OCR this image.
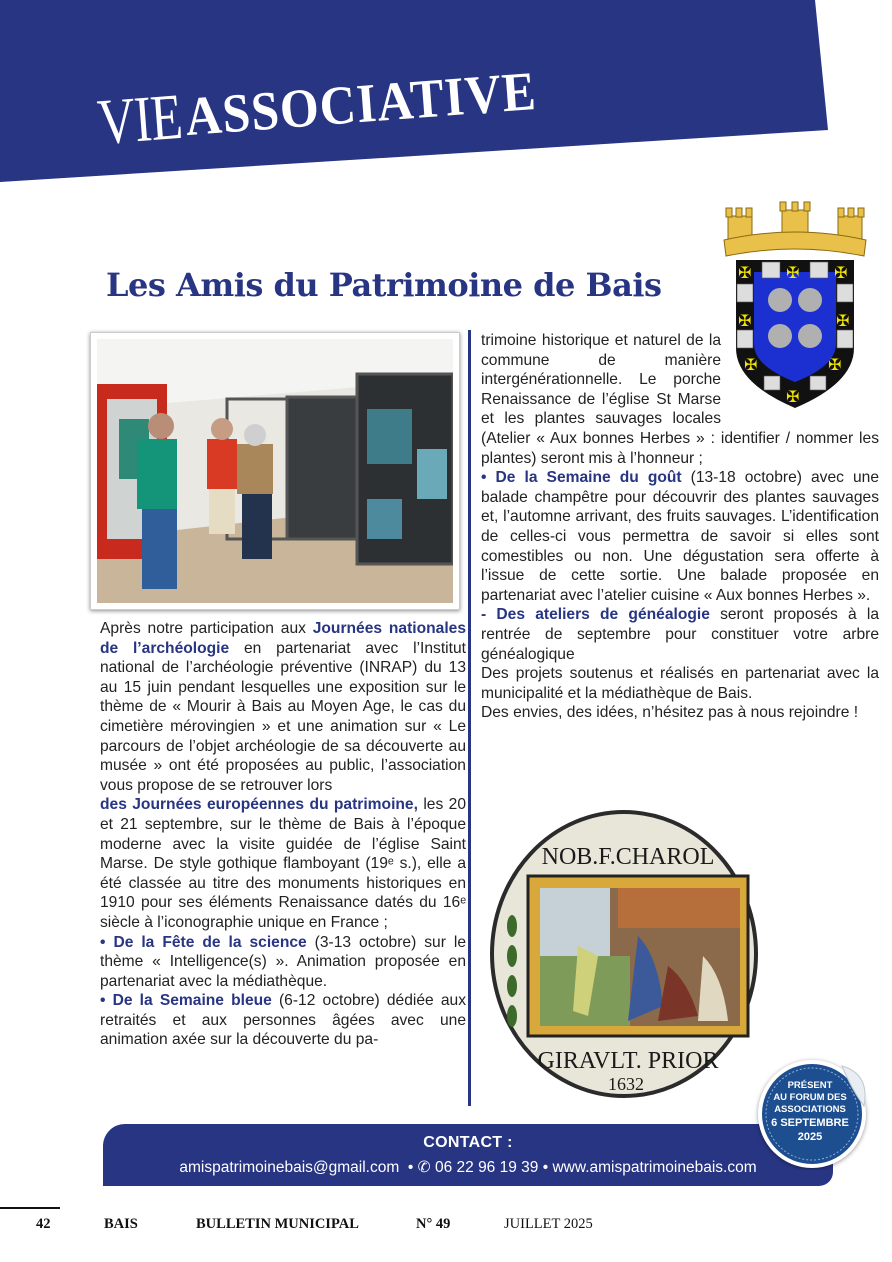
VIE ASSOCIATIVE
Les Amis du Patrimoine de Bais	✠ ✠ ✠
✠	✠
✠	✠
✠

Après notre participation aux Journées nationales de l’archéologie en partenariat avec l’Institut national de l’archéologie préventive (INRAP) du 13 au 15 juin pendant lesquelles une exposition sur le thème de « Mourir à Bais au Moyen Age, le cas du cimetière mérovingien » et une animation sur « Le parcours de l’objet archéologie de sa découverte au musée » ont été proposées au public, l’association vous propose de se retrouver lors

des Journées européennes du patrimoine, les 20 et 21 septembre, sur le thème de Bais à l’époque moderne avec la visite guidée de l’église Saint Marse. De style gothique flamboyant (19ᵉ s.), elle a été classée au titre des monuments historiques en 1910 pour ses éléments Renaissance datés du 16ᵉ siècle à l’iconographie unique en France ;

• De la Fête de la science (3-13 octobre) sur le thème « Intelligence(s) ». Animation proposée en partenariat avec la médiathèque.

• De la Semaine bleue (6-12 octobre) dédiée aux retraités et aux personnes âgées avec une animation axée sur la découverte du pa-

trimoine historique et naturel de la commune de manière intergénérationnelle. Le porche Renaissance de l’église St Marse et les plantes sauvages locales (Atelier « Aux bonnes Herbes » : identifier / nommer les plantes) seront mis à l’honneur ;

• De la Semaine du goût (13-18 octobre) avec une balade champêtre pour découvrir des plantes sauvages et, l’automne arrivant, des fruits sauvages. L’identification de celles-ci vous permettra de savoir si elles sont comestibles ou non. Une dégustation sera offerte à l’issue de cette sortie. Une balade proposée en partenariat avec l’atelier cuisine « Aux bonnes Herbes ».

- Des ateliers de généalogie seront proposés à la rentrée de septembre pour constituer votre arbre généalogique

Des projets soutenus et réalisés en partenariat avec la municipalité et la médiathèque de Bais.

Des envies, des idées, n’hésitez pas à nous rejoindre !

NOB.F.CHAROL
GIRAVLT. PRIOR
1632
CONTACT :
amispatrimoinebais@gmail.com • ✆ 06 22 96 19 39 • www.amispatrimoinebais.com
PRÉSENT
AU FORUM DES
ASSOCIATIONS
6 SEPTEMBRE
2025
42	BAIS	BULLETIN MUNICIPAL	N° 49	JUILLET 2025
